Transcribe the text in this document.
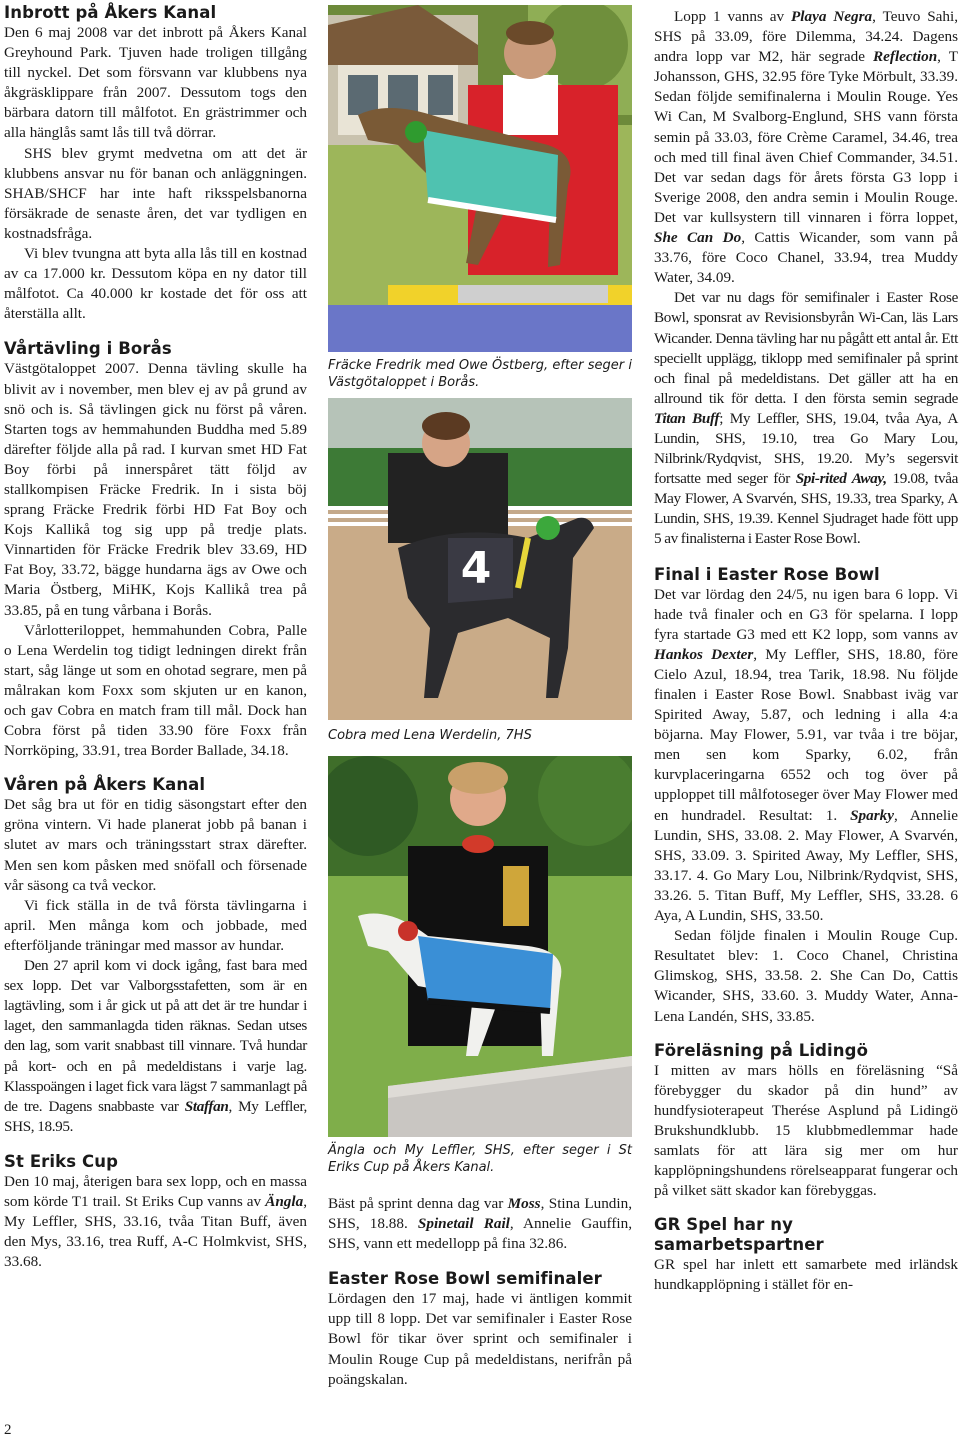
Inbrott på Åkers Kanal

Den 6 maj 2008 var det inbrott på Åkers Kanal Greyhound Park. Tjuven hade troligen tillgång till nyckel. Det som försvann var klubbens nya åkgräsklippare från 2007. Dessutom togs den bärbara datorn till målfotot. En grästrimmer och alla hänglås samt lås till två dörrar.

SHS blev grymt medvetna om att det är klubbens ansvar nu för banan och anläggningen. SHAB/SHCF har inte haft riksspelsbanorna försäkrade de senaste åren, det var tydligen en kostnadsfråga.

Vi blev tvungna att byta alla lås till en kostnad av ca 17.000 kr. Dessutom köpa en ny dator till målfotot. Ca 40.000 kr kostade det för oss att återställa allt.

Vårtävling i Borås

Västgötaloppet 2007. Denna tävling skulle ha blivit av i november, men blev ej av på grund av snö och is. Så tävlingen gick nu först på våren. Starten togs av hemmahunden Buddha med 5.89 därefter följde alla på rad. I kurvan smet HD Fat Boy förbi på innerspåret tätt följd av stallkompisen Fräcke Fredrik. In i sista böj sprang Fräcke Fredrik förbi HD Fat Boy och Kojs Kallikå tog sig upp på tredje plats. Vinnartiden för Fräcke Fredrik blev 33.69, HD Fat Boy, 33.72, bägge hundarna ägs av Owe och Maria Östberg, MiHK, Kojs Kallikå trea på 33.85, på en tung vårbana i Borås.

Vårlotteriloppet, hemmahunden Cobra, Palle o Lena Werdelin tog tidigt ledningen direkt från start, såg länge ut som en ohotad segrare, men på målrakan kom Foxx som skjuten ur en kanon, och gav Cobra en match fram till mål. Dock han Cobra först på tiden 33.90 före Foxx från Norrköping, 33.91, trea Border Ballade, 34.18.

Våren på Åkers Kanal

Det såg bra ut för en tidig säsongstart efter den gröna vintern. Vi hade planerat jobb på banan i slutet av mars och träningsstart strax därefter. Men sen kom påsken med snöfall och försenade vår säsong ca två veckor.

Vi fick ställa in de två första tävlingarna i april. Men många kom och jobbade, med efterföljande träningar med massor av hundar.

Den 27 april kom vi dock igång, fast bara med sex lopp. Det var Valborgsstafetten, som är en lagtävling, som i år gick ut på att det är tre hundar i laget, den sammanlagda tiden räknas. Sedan utses den lag, som varit snabbast till vinnare. Två hundar på kort- och en på medeldistans i varje lag. Klasspoängen i laget fick vara lägst 7 sammanlagt på de tre. Dagens snabbaste var Staffan, My Leffler, SHS, 18.95.

St Eriks Cup

Den 10 maj, återigen bara sex lopp, och en massa som körde T1 trail. St Eriks Cup vanns av Ängla, My Leffler, SHS, 33.16, tvåa Titan Buff, även den Mys, 33.16, trea Ruff, A-C Holmkvist, SHS, 33.68.

Fräcke Fredrik med Owe Östberg, efter seger i Västgötaloppet i Borås.

4

Cobra med Lena Werdelin, 7HS

Ängla och My Leffler, SHS, efter seger i St Eriks Cup på Åkers Kanal.

Bäst på sprint denna dag var Moss, Stina Lundin, SHS, 18.88. Spinetail Rail, Annelie Gauffin, SHS, vann ett medellopp på fina 32.86.

Easter Rose Bowl semifinaler

Lördagen den 17 maj, hade vi äntligen kommit upp till 8 lopp. Det var semifinaler i Easter Rose Bowl för tikar över sprint och semifinaler i Moulin Rouge Cup på medeldistans, nerifrån på poängskalan.

Lopp 1 vanns av Playa Negra, Teuvo Sahi, SHS på 33.09, före Dilemma, 34.24. Dagens andra lopp var M2, här segrade Reflection, T Johansson, GHS, 32.95 före Tyke Mörbult, 33.39. Sedan följde semifinalerna i Moulin Rouge. Yes Wi Can, M Svalborg-Englund, SHS vann första semin på 33.03, före Crème Caramel, 34.46, trea och med till final även Chief Commander, 34.51. Det var sedan dags för årets första G3 lopp i Sverige 2008, den andra semin i Moulin Rouge. Det var kullsystern till vinnaren i förra loppet, She Can Do, Cattis Wicander, som vann på 33.76, före Coco Chanel, 33.94, trea Muddy Water, 34.09.

Det var nu dags för semifinaler i Easter Rose Bowl, sponsrat av Revisionsbyrån Wi-Can, läs Lars Wicander. Denna tävling har nu pågått ett antal år. Ett speciellt upplägg, tiklopp med semifinaler på sprint och final på medeldistans. Det gäller att ha en allround tik för detta. I den första semin segrade Titan Buff; My Leffler, SHS, 19.04, tvåa Aya, A Lundin, SHS, 19.10, trea Go Mary Lou, Nilbrink/Rydqvist, SHS, 19.20. My’s segersvit fortsatte med seger för Spi-rited Away, 19.08, tvåa May Flower, A Svarvén, SHS, 19.33, trea Sparky, A Lundin, SHS, 19.39. Kennel Sjudraget hade fött upp 5 av finalisterna i Easter Rose Bowl.

Final i Easter Rose Bowl

Det var lördag den 24/5, nu igen bara 6 lopp. Vi hade två finaler och en G3 för spelarna. I lopp fyra startade G3 med ett K2 lopp, som vanns av Hankos Dexter, My Leffler, SHS, 18.80, före Cielo Azul, 18.94, trea Tarik, 18.98. Nu följde finalen i Easter Rose Bowl. Snabbast iväg var Spirited Away, 5.87, och ledning i alla 4:a böjarna. May Flower, 5.91, var tvåa i tre böjar, men sen kom Sparky, 6.02, från kurvplaceringarna 6552 och tog över på upploppet till målfotoseger över May Flower med en hundradel. Resultat: 1. Sparky, Annelie Lundin, SHS, 33.08. 2. May Flower, A Svarvén, SHS, 33.09. 3. Spirited Away, My Leffler, SHS, 33.17. 4. Go Mary Lou, Nilbrink/Rydqvist, SHS, 33.26. 5. Titan Buff, My Leffler, SHS, 33.28. 6 Aya, A Lundin, SHS, 33.50.

Sedan följde finalen i Moulin Rouge Cup. Resultatet blev: 1. Coco Chanel, Christina Glimskog, SHS, 33.58. 2. She Can Do, Cattis Wicander, SHS, 33.60. 3. Muddy Water, Anna-Lena Landén, SHS, 33.85.

Föreläsning på Lidingö

I mitten av mars hölls en föreläsning “Så förebygger du skador på din hund” av hundfysioterapeut Therése Asplund på Lidingö Brukshundklubb. 15 klubbmedlemmar hade samlats för att lära sig mer om hur kapplöpningshundens rörelseapparat fungerar och på vilket sätt skador kan förebyggas.

GR Spel har ny samarbetspartner

GR spel har inlett ett samarbete med irländsk hundkapplöpning i stället för en-

2
